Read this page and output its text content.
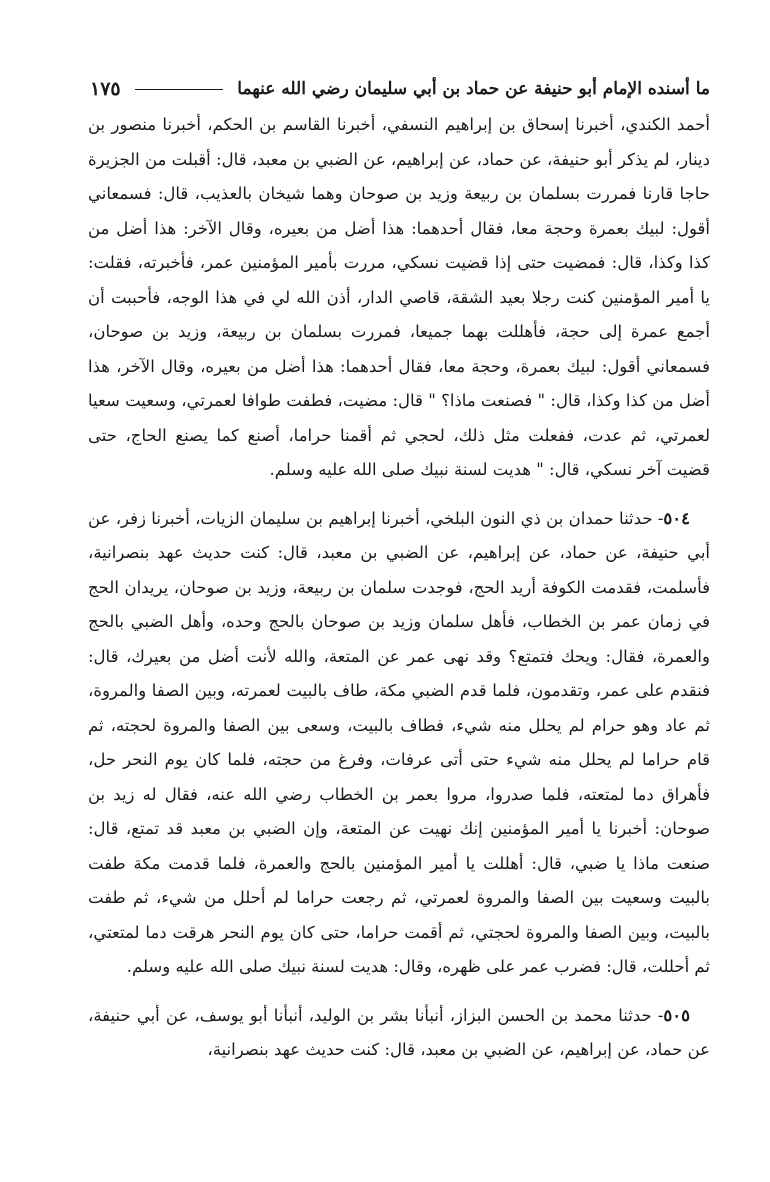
ما أسنده الإمام أبو حنيفة عن حماد بن أبي سليمان رضي الله عنهما
١٧٥

أحمد الكندي، أخبرنا إسحاق بن إبراهيم النسفي، أخبرنا القاسم بن الحكم، أخبرنا منصور بن دينار، لم يذكر أبو حنيفة، عن حماد، عن إبراهيم، عن الضبي بن معبد، قال: أقبلت من الجزيرة حاجا قارنا فمررت بسلمان بن ربيعة وزيد بن صوحان وهما شيخان بالعذيب، قال: فسمعاني أقول: لبيك بعمرة وحجة معا، فقال أحدهما: هذا أضل من بعيره، وقال الآخر: هذا أضل من كذا وكذا، قال: فمضيت حتى إذا قضيت نسكي، مررت بأمير المؤمنين عمر، فأخبرته، فقلت: يا أمير المؤمنين كنت رجلا بعيد الشقة، قاصي الدار، أذن الله لي في هذا الوجه، فأحببت أن أجمع عمرة إلى حجة، فأهللت بهما جميعا، فمررت بسلمان بن ربيعة، وزيد بن صوحان، فسمعاني أقول: لبيك بعمرة، وحجة معا، فقال أحدهما: هذا أضل من بعيره، وقال الآخر، هذا أضل من كذا وكذا، قال: " فصنعت ماذا؟ " قال: مضيت، فطفت طوافا لعمرتي، وسعيت سعيا لعمرتي، ثم عدت، ففعلت مثل ذلك، لحجي ثم أقمنا حراما، أصنع كما يصنع الحاج، حتى قضيت آخر نسكي، قال: " هديت لسنة نبيك صلى الله عليه وسلم.

٥٠٤- حدثنا حمدان بن ذي النون البلخي، أخبرنا إبراهيم بن سليمان الزيات، أخبرنا زفر، عن أبي حنيفة، عن حماد، عن إبراهيم، عن الضبي بن معبد، قال: كنت حديث عهد بنصرانية، فأسلمت، فقدمت الكوفة أريد الحج، فوجدت سلمان بن ربيعة، وزيد بن صوحان، يريدان الحج في زمان عمر بن الخطاب، فأهل سلمان وزيد بن صوحان بالحج وحده، وأهل الضبي بالحج والعمرة، فقال: ويحك فتمتع؟ وقد نهى عمر عن المتعة، والله لأنت أضل من بعيرك، قال: فنقدم على عمر، وتقدمون، فلما قدم الضبي مكة، طاف بالبيت لعمرته، وبين الصفا والمروة، ثم عاد وهو حرام لم يحلل منه شيء، فطاف بالبيت، وسعى بين الصفا والمروة لحجته، ثم قام حراما لم يحلل منه شيء حتى أتى عرفات، وفرغ من حجته، فلما كان يوم النحر حل، فأهراق دما لمتعته، فلما صدروا، مروا بعمر بن الخطاب رضي الله عنه، فقال له زيد بن صوحان: أخبرنا يا أمير المؤمنين إنك نهيت عن المتعة، وإن الضبي بن معبد قد تمتع، قال: صنعت ماذا يا ضبي، قال: أهللت يا أمير المؤمنين بالحج والعمرة، فلما قدمت مكة طفت بالبيت وسعيت بين الصفا والمروة لعمرتي، ثم رجعت حراما لم أحلل من شيء، ثم طفت بالبيت، وبين الصفا والمروة لحجتي، ثم أقمت حراما، حتى كان يوم النحر هرقت دما لمتعتي، ثم أحللت، قال: فضرب عمر على ظهره، وقال: هديت لسنة نبيك صلى الله عليه وسلم.

٥٠٥- حدثنا محمد بن الحسن البزاز، أنبأنا بشر بن الوليد، أنبأنا أبو يوسف، عن أبي حنيفة، عن حماد، عن إبراهيم، عن الضبي بن معبد، قال: كنت حديث عهد بنصرانية،
